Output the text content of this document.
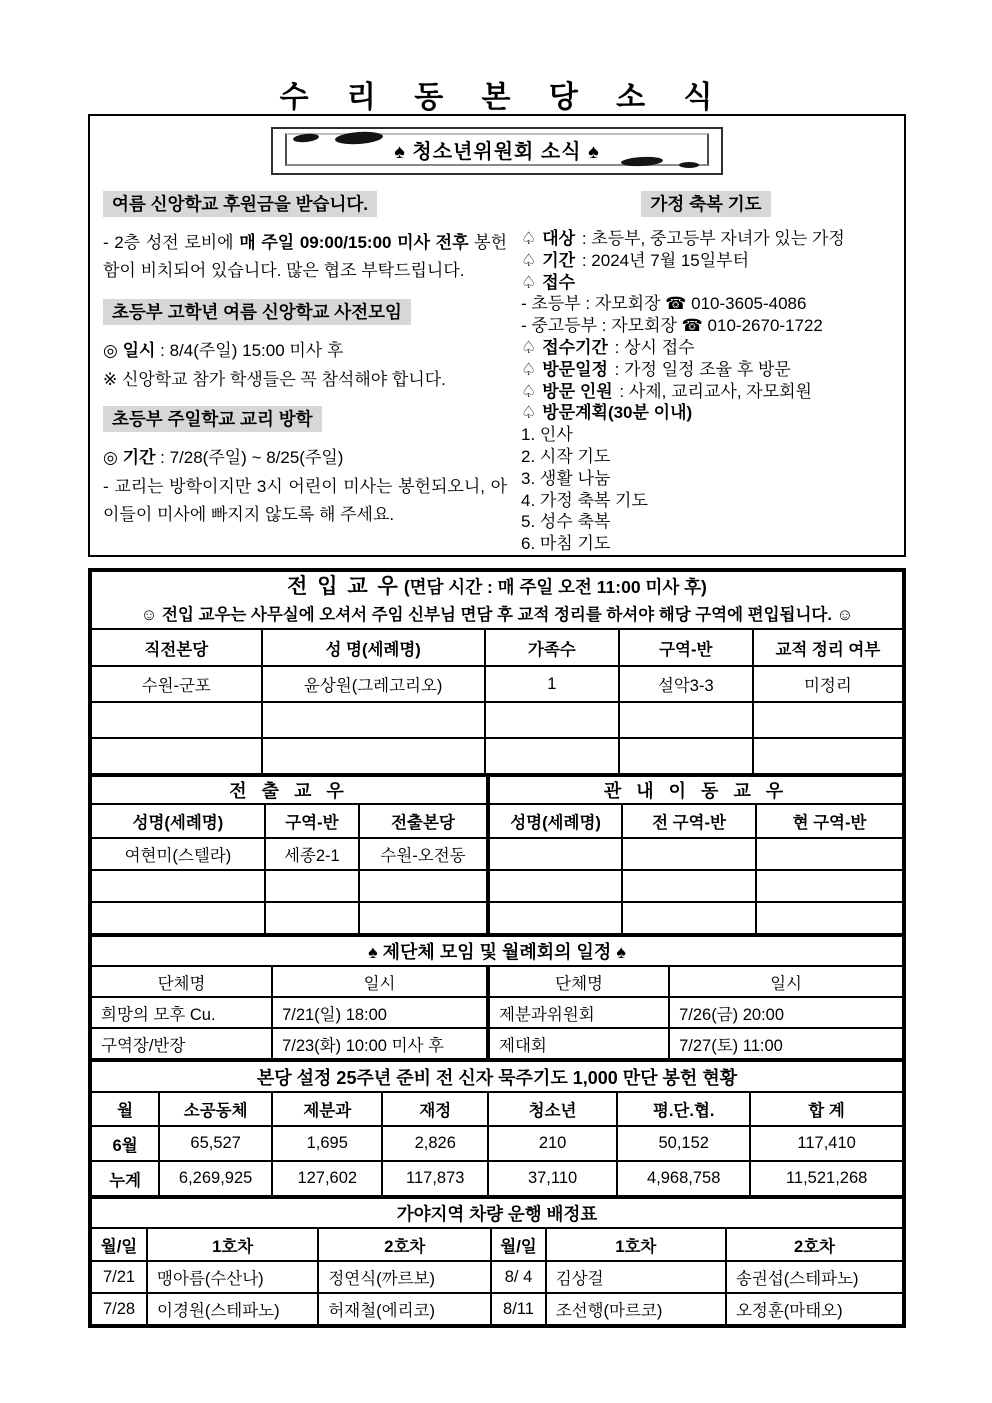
수 리 동 본 당 소 식
♠ 청소년위원회 소식 ♠
여름 신앙학교 후원금을 받습니다.

- 2층 성전 로비에 매 주일 09:00/15:00 미사 전후 봉헌함이 비치되어 있습니다. 많은 협조 부탁드립니다.

초등부 고학년 여름 신앙학교 사전모임

◎ 일시 : 8/4(주일) 15:00 미사 후

※ 신앙학교 참가 학생들은 꼭 참석해야 합니다.

초등부 주일학교 교리 방학

◎ 기간 : 7/28(주일) ~ 8/25(주일)

- 교리는 방학이지만 3시 어린이 미사는 봉헌되오니, 아이들이 미사에 빠지지 않도록 해 주세요.

가정 축복 기도
♤ 대상 : 초등부, 중고등부 자녀가 있는 가정
♤ 기간 : 2024년 7월 15일부터
♤ 접수
- 초등부 : 자모회장 ☎ 010-3605-4086
- 중고등부 : 자모회장 ☎ 010-2670-1722
♤ 접수기간 : 상시 접수
♤ 방문일정 : 가정 일정 조율 후 방문
♤ 방문 인원 : 사제, 교리교사, 자모회원
♤ 방문계획(30분 이내)
1. 인사
2. 시작 기도
3. 생활 나눔
4. 가정 축복 기도
5. 성수 축복
6. 마침 기도
전 입 교 우 (면담 시간 : 매 주일 오전 11:00 미사 후)
☺ 전입 교우는 사무실에 오셔서 주임 신부님 면담 후 교적 정리를 하셔야 해당 구역에 편입됩니다. ☺				

직전본당	성 명(세례명)	가족수	구역-반	교적 정리 여부
수원-군포	윤상원(그레고리오)	1	설악3-3	미정리

전 출 교 우			관 내 이 동 교 우		
성명(세례명)	구역-반	전출본당	성명(세례명)	전 구역-반	현 구역-반
여현미(스텔라)	세종2-1	수원-오전동			

♠ 제단체 모임 및 월례회의 일정 ♠			
단체명	일시	단체명	일시
희망의 모후 Cu.	7/21(일) 18:00	제분과위원회	7/26(금) 20:00
구역장/반장	7/23(화) 10:00 미사 후	제대회	7/27(토) 11:00
본당 설정 25주년 준비 전 신자 묵주기도 1,000 만단 봉헌 현황						
월	소공동체	제분과	재정	청소년	평.단.협.	합 계
6월	65,527	1,695	2,826	210	50,152	117,410
누계	6,269,925	127,602	117,873	37,110	4,968,758	11,521,268
가야지역 차량 운행 배정표					
월/일	1호차	2호차	월/일	1호차	2호차
7/21	맹아름(수산나)	정연식(까르보)	8/ 4	김상걸	송권섭(스테파노)
7/28	이경원(스테파노)	허재철(에리코)	8/11	조선행(마르코)	오정훈(마태오)
